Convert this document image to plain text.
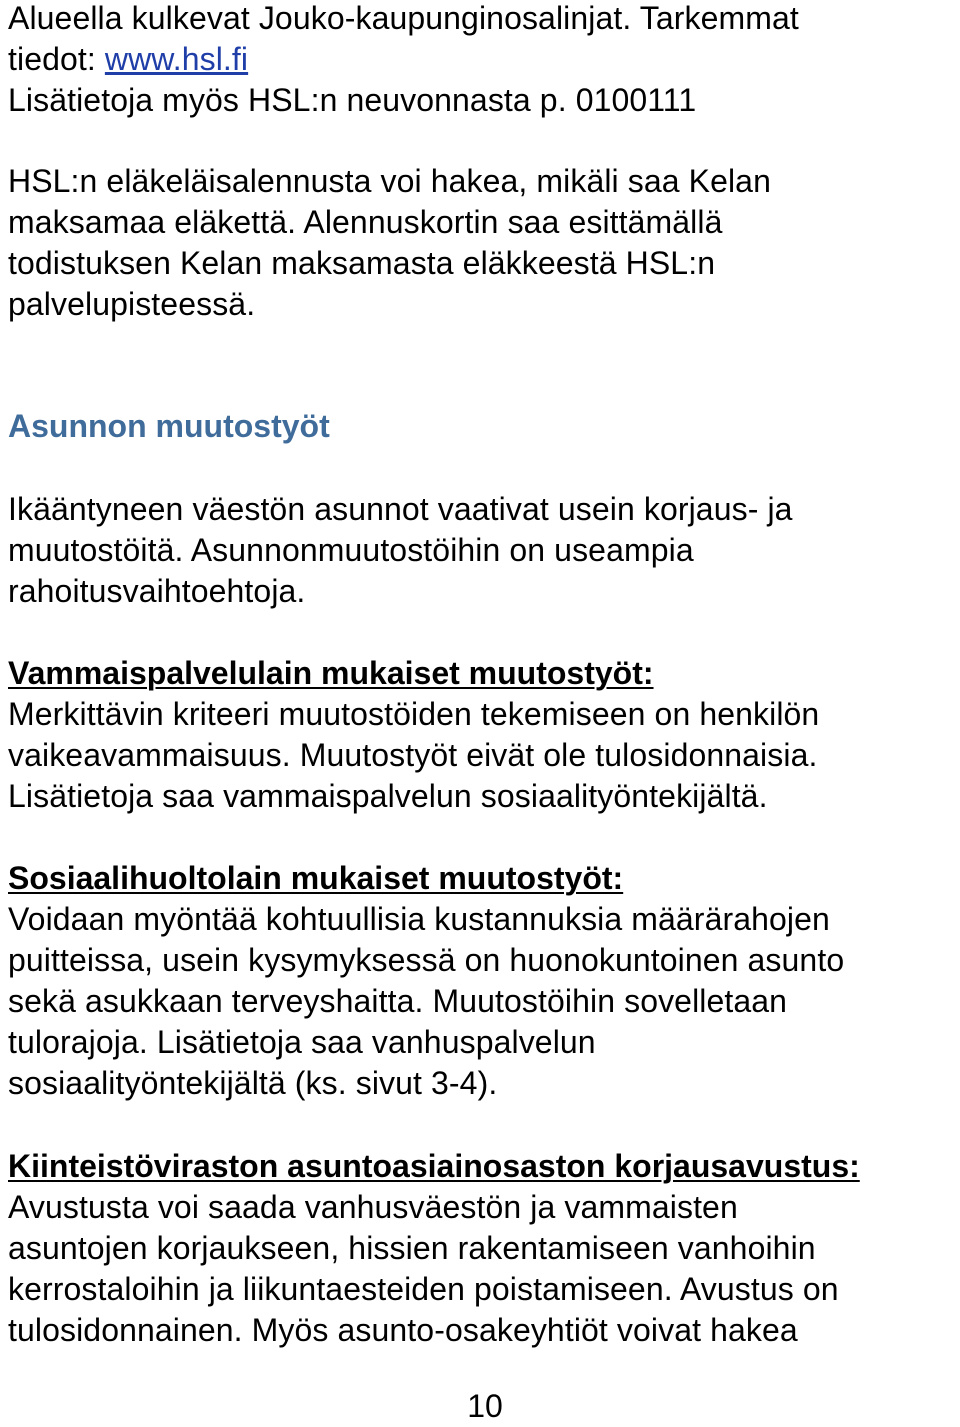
Alueella kulkevat Jouko-kaupunginosalinjat. Tarkemmat
tiedot: www.hsl.fi
Lisätietoja myös HSL:n neuvonnasta p. 0100111

HSL:n eläkeläisalennusta voi hakea, mikäli saa Kelan
maksamaa eläkettä. Alennuskortin saa esittämällä
todistuksen Kelan maksamasta eläkkeestä HSL:n
palvelupisteessä.

Asunnon muutostyöt

Ikääntyneen väestön asunnot vaativat usein korjaus- ja
muutostöitä. Asunnonmuutostöihin on useampia
rahoitusvaihtoehtoja.

Vammaispalvelulain mukaiset muutostyöt:

Merkittävin kriteeri muutostöiden tekemiseen on henkilön
vaikeavammaisuus. Muutostyöt eivät ole tulosidonnaisia.
Lisätietoja saa vammaispalvelun sosiaalityöntekijältä.

Sosiaalihuoltolain mukaiset muutostyöt:

Voidaan myöntää kohtuullisia kustannuksia määrärahojen
puitteissa, usein kysymyksessä on huonokuntoinen asunto
sekä asukkaan terveyshaitta. Muutostöihin sovelletaan
tulorajoja. Lisätietoja saa vanhuspalvelun
sosiaalityöntekijältä (ks. sivut 3-4).

Kiinteistöviraston asuntoasiainosaston korjausavustus:

Avustusta voi saada vanhusväestön ja vammaisten
asuntojen korjaukseen, hissien rakentamiseen vanhoihin
kerrostaloihin ja liikuntaesteiden poistamiseen. Avustus on
tulosidonnainen. Myös asunto-osakeyhtiöt voivat hakea

10
